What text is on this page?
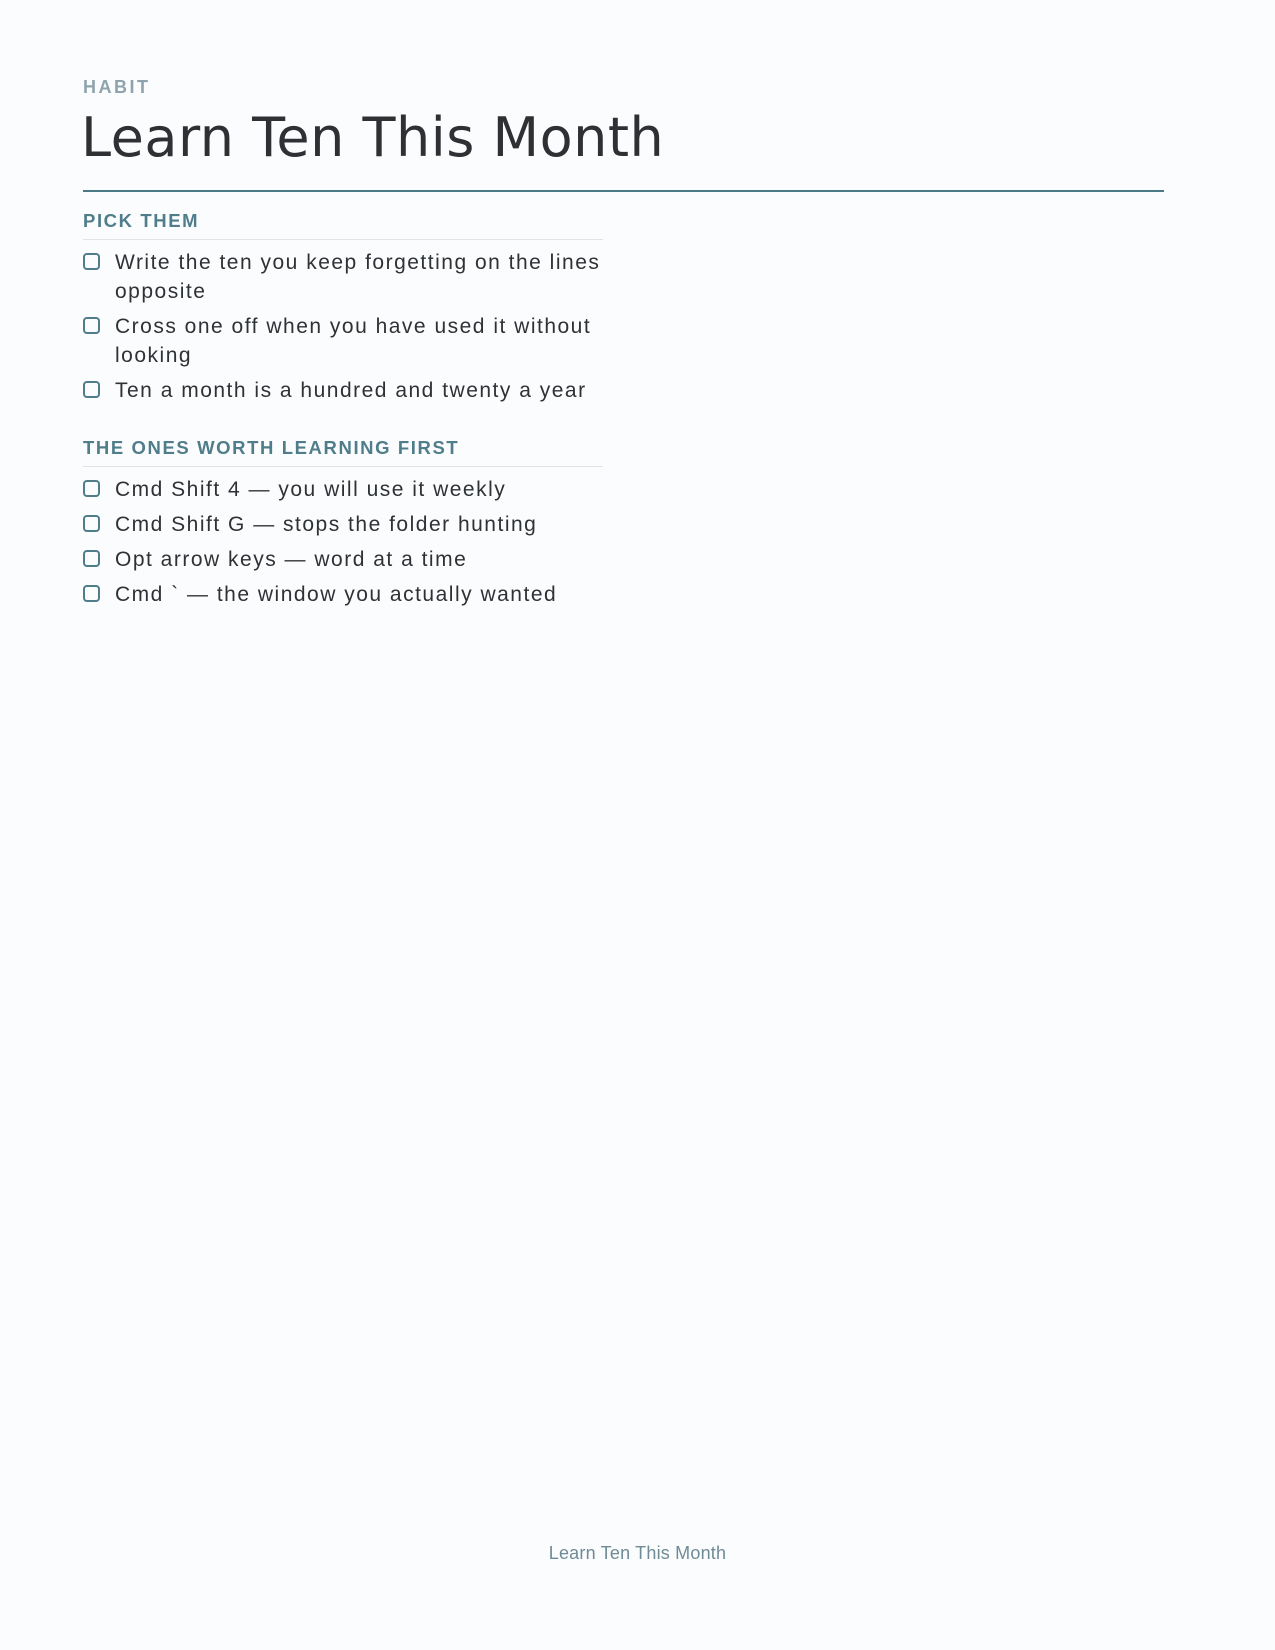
HABIT
Learn Ten This Month
PICK THEM
Write the ten you keep forgetting on the lines opposite
Cross one off when you have used it without looking
Ten a month is a hundred and twenty a year
THE ONES WORTH LEARNING FIRST
Cmd Shift 4 — you will use it weekly
Cmd Shift G — stops the folder hunting
Opt arrow keys — word at a time
Cmd ` — the window you actually wanted
Learn Ten This Month
